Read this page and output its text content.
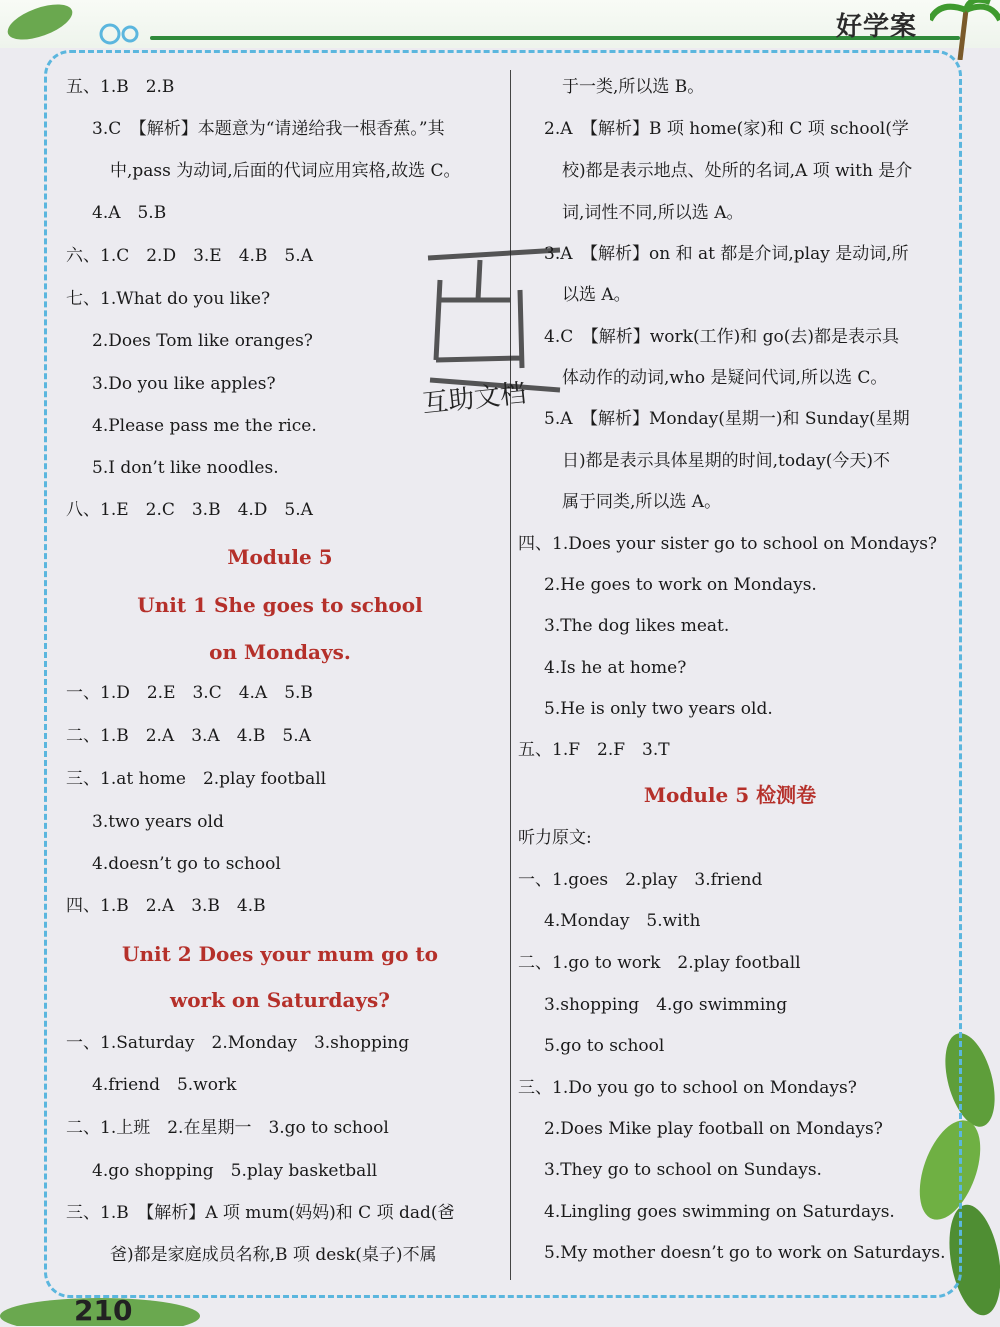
好学案
互助文档
五、1.B　2.B
3.C　【解析】本题意为“请递给我一根香蕉。”其
中,pass 为动词,后面的代词应用宾格,故选 C。
4.A　5.B
六、1.C　2.D　3.E　4.B　5.A
七、1.What do you like?
2.Does Tom like oranges?
3.Do you like apples?
4.Please pass me the rice.
5.I don’t like noodles.
八、1.E　2.C　3.B　4.D　5.A
Module 5
Unit 1 She goes to school
on Mondays.
一、1.D　2.E　3.C　4.A　5.B
二、1.B　2.A　3.A　4.B　5.A
三、1.at home　2.play football
3.two years old
4.doesn’t go to school
四、1.B　2.A　3.B　4.B
Unit 2 Does your mum go to
work on Saturdays?
一、1.Saturday　2.Monday　3.shopping
4.friend　5.work
二、1.上班　2.在星期一　3.go to school
4.go shopping　5.play basketball
三、1.B　【解析】A 项 mum(妈妈)和 C 项 dad(爸
爸)都是家庭成员名称,B 项 desk(桌子)不属
于一类,所以选 B。
2.A　【解析】B 项 home(家)和 C 项 school(学
校)都是表示地点、处所的名词,A 项 with 是介
词,词性不同,所以选 A。
3.A　【解析】on 和 at 都是介词,play 是动词,所
以选 A。
4.C　【解析】work(工作)和 go(去)都是表示具
体动作的动词,who 是疑问代词,所以选 C。
5.A　【解析】Monday(星期一)和 Sunday(星期
日)都是表示具体星期的时间,today(今天)不
属于同类,所以选 A。
四、1.Does your sister go to school on Mondays?
2.He goes to work on Mondays.
3.The dog likes meat.
4.Is he at home?
5.He is only two years old.
五、1.F　2.F　3.T
Module 5 检测卷
听力原文:
一、1.goes　2.play　3.friend
4.Monday　5.with
二、1.go to work　2.play football
3.shopping　4.go swimming
5.go to school
三、1.Do you go to school on Mondays?
2.Does Mike play football on Mondays?
3.They go to school on Sundays.
4.Lingling goes swimming on Saturdays.
5.My mother doesn’t go to work on Saturdays.
210
